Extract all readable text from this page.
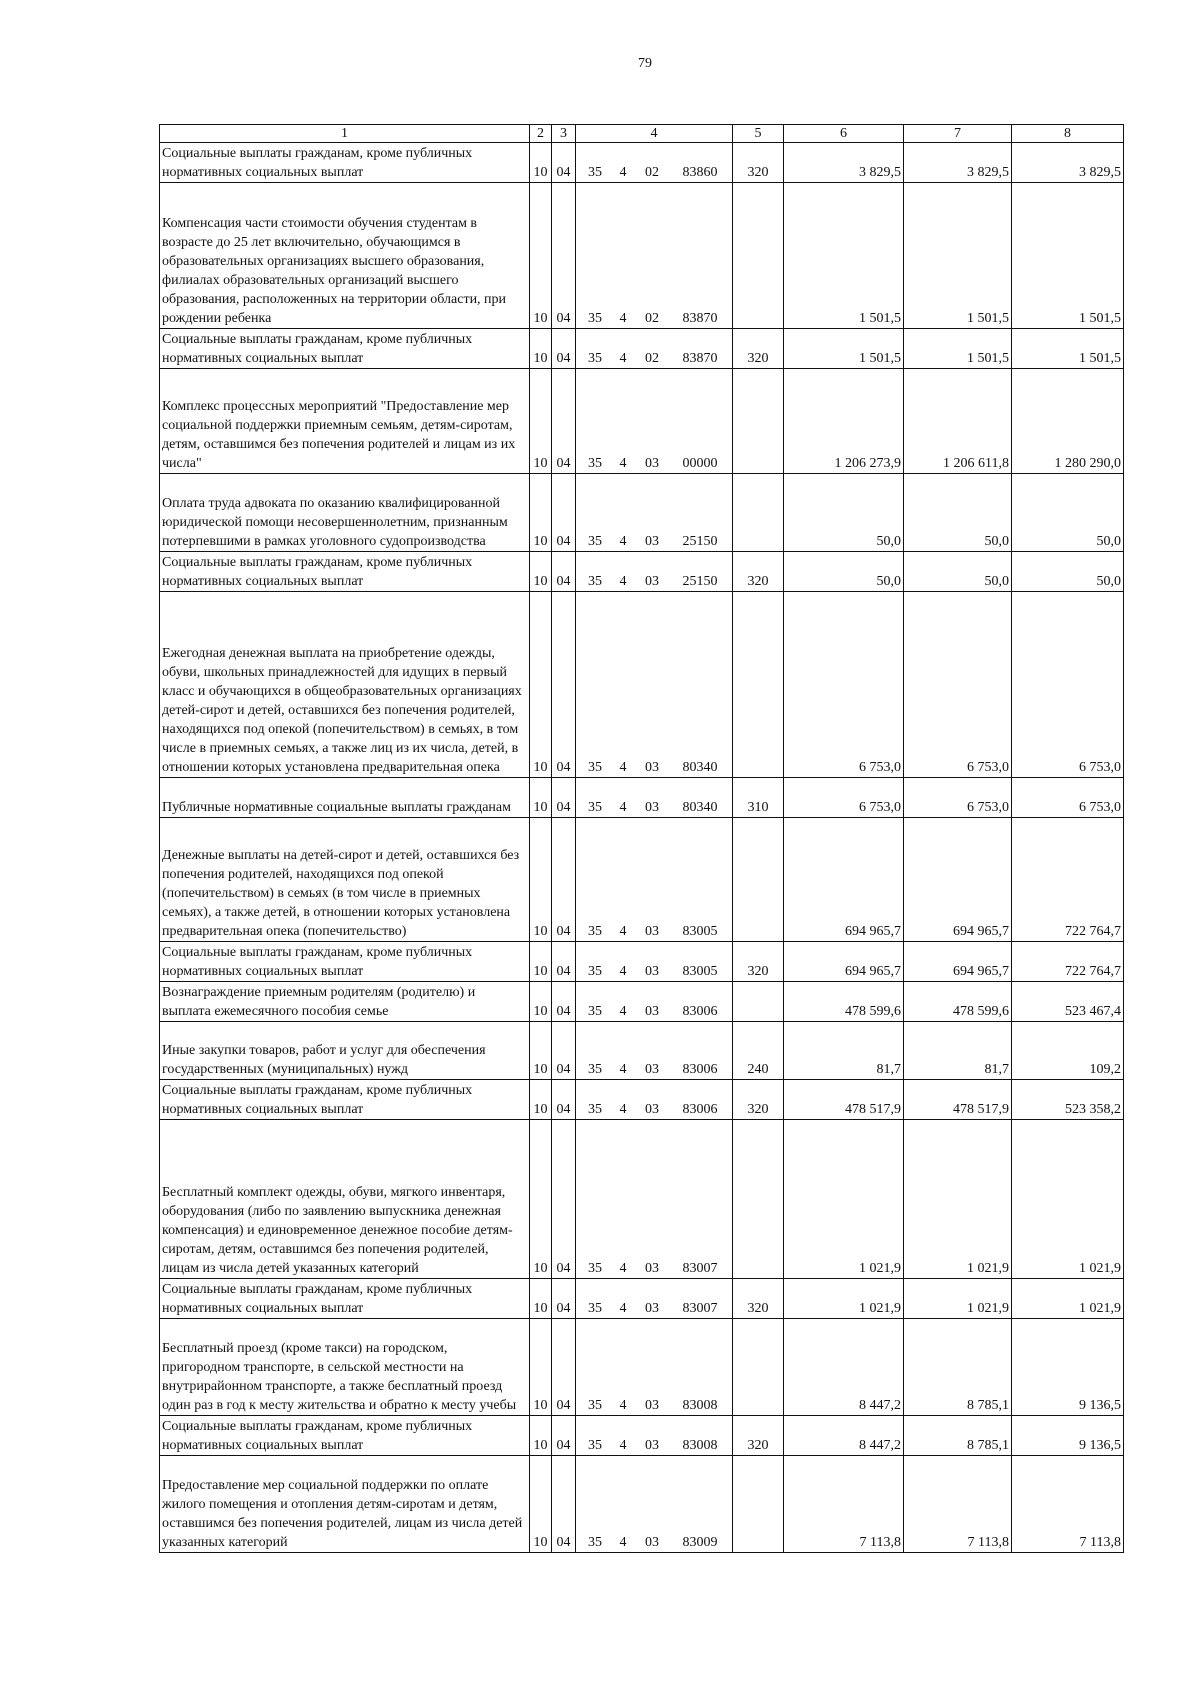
79
1	2	3	4	5	6	7	8
Социальные выплаты гражданам, кроме публичных нормативных социальных выплат	10	04	35 4 02 83860	320	3 829,5	3 829,5	3 829,5
Компенсация части стоимости обучения студентам в возрасте до 25 лет включительно, обучающимся в образовательных организациях высшего образования, филиалах образовательных организаций высшего образования, расположенных на территории области, при рождении ребенка	10	04	35 4 02 83870		1 501,5	1 501,5	1 501,5
Социальные выплаты гражданам, кроме публичных нормативных социальных выплат	10	04	35 4 02 83870	320	1 501,5	1 501,5	1 501,5
Комплекс процессных мероприятий "Предоставление мер социальной поддержки приемным семьям, детям-сиротам, детям, оставшимся без попечения родителей и лицам из их числа"	10	04	35 4 03 00000		1 206 273,9	1 206 611,8	1 280 290,0
Оплата труда адвоката по оказанию квалифицированной юридической помощи несовершеннолетним, признанным потерпевшими в рамках уголовного судопроизводства	10	04	35 4 03 25150		50,0	50,0	50,0
Социальные выплаты гражданам, кроме публичных нормативных социальных выплат	10	04	35 4 03 25150	320	50,0	50,0	50,0
Ежегодная денежная выплата на приобретение одежды, обуви, школьных принадлежностей для идущих в первый класс и обучающихся в общеобразовательных организациях детей-сирот и детей, оставшихся без попечения родителей, находящихся под опекой (попечительством) в семьях, в том числе в приемных семьях, а также лиц из их числа, детей, в отношении которых установлена предварительная опека	10	04	35 4 03 80340		6 753,0	6 753,0	6 753,0
Публичные нормативные социальные выплаты гражданам	10	04	35 4 03 80340	310	6 753,0	6 753,0	6 753,0
Денежные выплаты на детей-сирот и детей, оставшихся без попечения родителей, находящихся под опекой (попечительством) в семьях (в том числе в приемных семьях), а также детей, в отношении которых установлена предварительная опека (попечительство)	10	04	35 4 03 83005		694 965,7	694 965,7	722 764,7
Социальные выплаты гражданам, кроме публичных нормативных социальных выплат	10	04	35 4 03 83005	320	694 965,7	694 965,7	722 764,7
Вознаграждение приемным родителям (родителю) и выплата ежемесячного пособия семье	10	04	35 4 03 83006		478 599,6	478 599,6	523 467,4
Иные закупки товаров, работ и услуг для обеспечения государственных (муниципальных) нужд	10	04	35 4 03 83006	240	81,7	81,7	109,2
Социальные выплаты гражданам, кроме публичных нормативных социальных выплат	10	04	35 4 03 83006	320	478 517,9	478 517,9	523 358,2
Бесплатный комплект одежды, обуви, мягкого инвентаря, оборудования (либо по заявлению выпускника денежная компенсация) и единовременное денежное пособие детям-сиротам, детям, оставшимся без попечения родителей, лицам из числа детей указанных категорий	10	04	35 4 03 83007		1 021,9	1 021,9	1 021,9
Социальные выплаты гражданам, кроме публичных нормативных социальных выплат	10	04	35 4 03 83007	320	1 021,9	1 021,9	1 021,9
Бесплатный проезд (кроме такси) на городском, пригородном транспорте, в сельской местности на внутрирайонном транспорте, а также бесплатный проезд один раз в год к месту жительства и обратно к месту учебы	10	04	35 4 03 83008		8 447,2	8 785,1	9 136,5
Социальные выплаты гражданам, кроме публичных нормативных социальных выплат	10	04	35 4 03 83008	320	8 447,2	8 785,1	9 136,5
Предоставление мер социальной поддержки по оплате жилого помещения и отопления детям-сиротам и детям, оставшимся без попечения родителей, лицам из числа детей указанных категорий	10	04	35 4 03 83009		7 113,8	7 113,8	7 113,8
